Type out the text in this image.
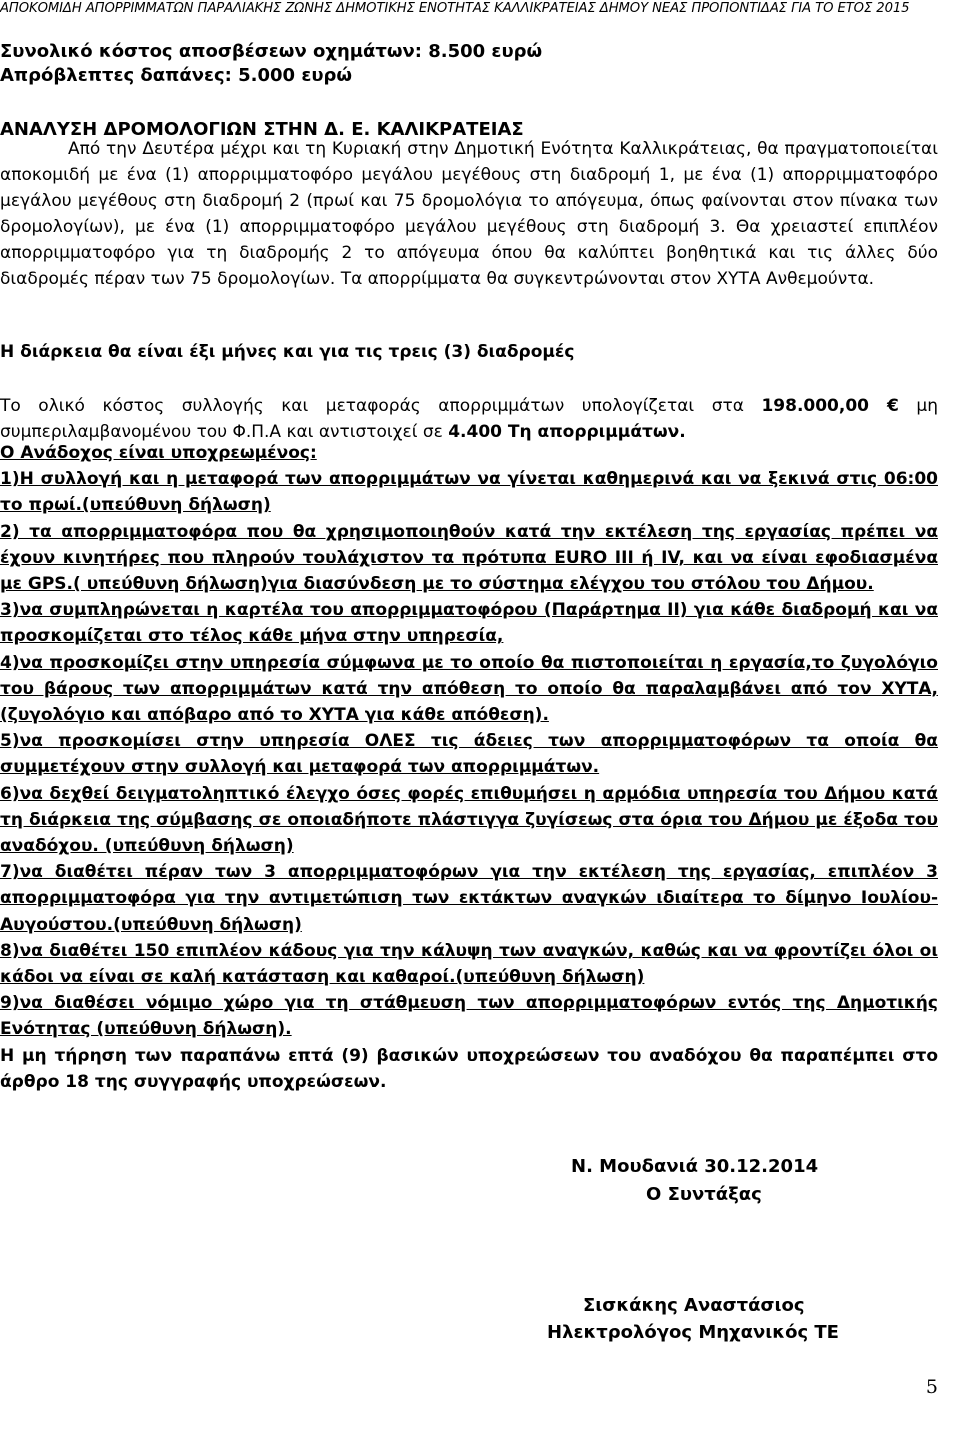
ΑΠΟΚΟΜΙΔΗ ΑΠΟΡΡΙΜΜΑΤΩΝ ΠΑΡΑΛΙΑΚΗΣ ΖΩΝΗΣ ΔΗΜΟΤΙΚΗΣ ΕΝΟΤΗΤΑΣ ΚΑΛΛΙΚΡΑΤΕΙΑΣ ΔΗΜΟΥ ΝΕΑΣ ΠΡΟΠΟΝΤΙΔΑΣ ΓΙΑ ΤΟ ΕΤΟΣ 2015
Συνολικό κόστος αποσβέσεων οχημάτων: 8.500 ευρώ
Απρόβλεπτες δαπάνες: 5.000 ευρώ
ΑΝΑΛΥΣΗ ΔΡΟΜΟΛΟΓΙΩΝ ΣΤΗΝ Δ. Ε. ΚΑΛΙΚΡΑΤΕΙΑΣ
Από την Δευτέρα μέχρι και τη Κυριακή στην Δημοτική Ενότητα Καλλικράτειας, θα πραγματοποιείται αποκομιδή με ένα (1) απορριμματοφόρο μεγάλου μεγέθους στη διαδρομή 1, με ένα (1) απορριμματοφόρο μεγάλου μεγέθους στη διαδρομή 2 (πρωί και 75 δρομολόγια το απόγευμα, όπως φαίνονται στον πίνακα των δρομολογίων), με ένα (1) απορριμματοφόρο μεγάλου μεγέθους στη διαδρομή 3. Θα χρειαστεί επιπλέον απορριμματοφόρο για τη διαδρομής 2 το απόγευμα όπου θα καλύπτει βοηθητικά και τις άλλες δύο διαδρομές πέραν των 75 δρομολογίων. Τα απορρίμματα θα συγκεντρώνονται στον ΧΥΤΑ Ανθεμούντα.
Η διάρκεια θα είναι έξι μήνες και για τις τρεις (3) διαδρομές
Το ολικό κόστος συλλογής και μεταφοράς απορριμμάτων υπολογίζεται στα 198.000,00 € μη συμπεριλαμβανομένου του Φ.Π.Α και αντιστοιχεί σε 4.400 Τη απορριμμάτων.
Ο Ανάδοχος είναι υποχρεωμένος:
1)Η συλλογή και η μεταφορά των απορριμμάτων να γίνεται καθημερινά και να ξεκινά στις 06:00 το πρωί.(υπεύθυνη δήλωση)
2) τα απορριμματοφόρα που θα χρησιμοποιηθούν κατά την εκτέλεση της εργασίας πρέπει να έχουν κινητήρες που πληρούν τουλάχιστον τα πρότυπα EURO III ή IV, και να είναι εφοδιασμένα με GPS.( υπεύθυνη δήλωση)για διασύνδεση με το σύστημα ελέγχου του στόλου του Δήμου.
3)να συμπληρώνεται η καρτέλα του απορριμματοφόρου (Παράρτημα ΙΙ) για κάθε διαδρομή και να προσκομίζεται στο τέλος κάθε μήνα στην υπηρεσία,
4)να προσκομίζει στην υπηρεσία σύμφωνα με το οποίο θα πιστοποιείται η εργασία,το ζυγολόγιο του βάρους των απορριμμάτων κατά την απόθεση το οποίο θα παραλαμβάνει από τον ΧΥΤΑ, (ζυγολόγιο και απόβαρο από το ΧΥΤΑ για κάθε απόθεση).
5)να προσκομίσει στην υπηρεσία ΟΛΕΣ τις άδειες των απορριμματοφόρων τα οποία θα συμμετέχουν στην συλλογή και μεταφορά των απορριμμάτων.
6)να δεχθεί δειγματοληπτικό έλεγχο όσες φορές επιθυμήσει η αρμόδια υπηρεσία του Δήμου κατά τη διάρκεια της σύμβασης σε οποιαδήποτε πλάστιγγα ζυγίσεως στα όρια του Δήμου με έξοδα του αναδόχου. (υπεύθυνη δήλωση)
7)να διαθέτει πέραν των 3 απορριμματοφόρων για την εκτέλεση της εργασίας, επιπλέον 3 απορριμματοφόρα για την αντιμετώπιση των εκτάκτων αναγκών ιδιαίτερα το δίμηνο Ιουλίου-Αυγούστου.(υπεύθυνη δήλωση)
8)να διαθέτει 150 επιπλέον κάδους για την κάλυψη των αναγκών, καθώς και να φροντίζει όλοι οι κάδοι να είναι σε καλή κατάσταση και καθαροί.(υπεύθυνη δήλωση)
9)να διαθέσει νόμιμο χώρο για τη στάθμευση των απορριμματοφόρων εντός της Δημοτικής Ενότητας (υπεύθυνη δήλωση).
Η μη τήρηση των παραπάνω επτά (9) βασικών υποχρεώσεων του αναδόχου θα παραπέμπει στο άρθρο 18 της συγγραφής υποχρεώσεων.
Ν. Μουδανιά 30.12.2014
Ο Συντάξας
Σισκάκης Αναστάσιος
Ηλεκτρολόγος Μηχανικός ΤΕ
5
